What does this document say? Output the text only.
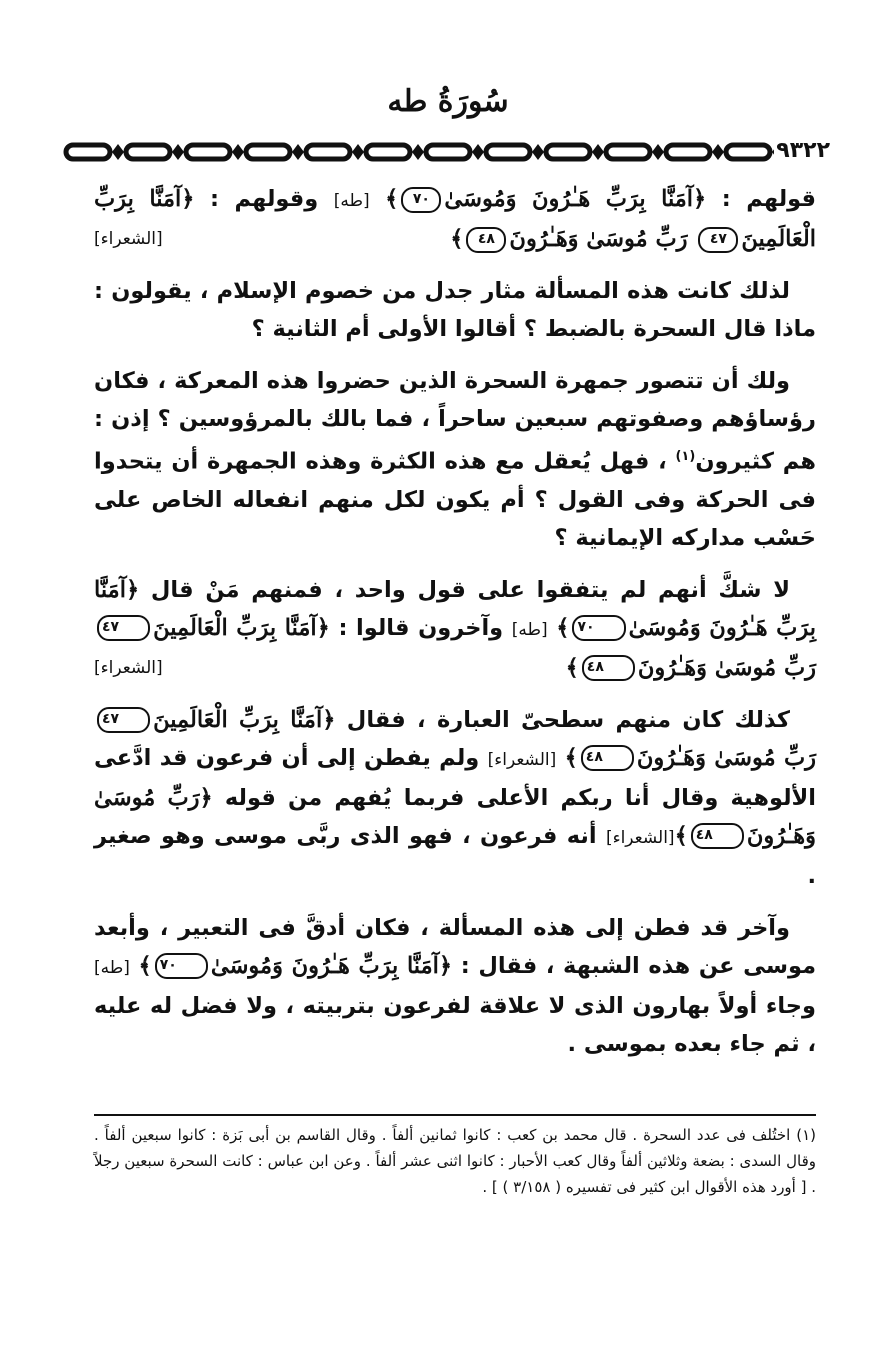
سُورَةُ طه
٩٣٢٢

قولهم : ﴿آمَنَّا بِرَبِّ هَـٰرُونَ وَمُوسَىٰ٧٠﴾ [طه] وقولهم : ﴿آمَنَّا بِرَبِّ الْعَالَمِينَ٤٧ رَبِّ مُوسَىٰ وَهَـٰرُونَ٤٨﴾
[الشعراء]

لذلك كانت هذه المسألة مثار جدل من خصوم الإسلام ، يقولون : ماذا قال السحرة بالضبط ؟ أقالوا الأولى أم الثانية ؟

ولك أن تتصور جمهرة السحرة الذين حضروا هذه المعركة ، فكان رؤساؤهم وصفوتهم سبعين ساحراً ، فما بالك بالمرؤوسين ؟ إذن : هم كثيرون$^{(١)}$ ، فهل يُعقل مع هذه الكثرة وهذه الجمهرة أن يتحدوا فى الحركة وفى القول ؟ أم يكون لكل منهم انفعاله الخاص على حَسْب مداركه الإيمانية ؟

لا شكَّ أنهم لم يتفقوا على قول واحد ، فمنهم مَنْ قال ﴿آمَنَّا بِرَبِّ هَـٰرُونَ وَمُوسَىٰ٧٠﴾ [طه] وآخرون قالوا : ﴿آمَنَّا بِرَبِّ الْعَالَمِينَ٤٧ رَبِّ مُوسَىٰ وَهَـٰرُونَ٤٨﴾
[الشعراء]

كذلك كان منهم سطحىّ العبارة ، فقال ﴿آمَنَّا بِرَبِّ الْعَالَمِينَ٤٧ رَبِّ مُوسَىٰ وَهَـٰرُونَ٤٨﴾ [الشعراء] ولم يفطن إلى أن فرعون قد ادَّعى الألوهية وقال أنا ربكم الأعلى فربما يُفهم من قوله ﴿رَبِّ مُوسَىٰ وَهَـٰرُونَ٤٨﴾[الشعراء] أنه فرعون ، فهو الذى ربَّى موسى وهو صغير .

وآخر قد فطن إلى هذه المسألة ، فكان أدقَّ فى التعبير ، وأبعد موسى عن هذه الشبهة ، فقال : ﴿آمَنَّا بِرَبِّ هَـٰرُونَ وَمُوسَىٰ٧٠﴾ [طه] وجاء أولاً بهارون الذى لا علاقة لفرعون بتربيته ، ولا فضل له عليه ، ثم جاء بعده بموسى .

(١) اختُلف فى عدد السحرة . قال محمد بن كعب : كانوا ثمانين ألفاً . وقال القاسم بن أبى بَزة : كانوا سبعين ألفاً . وقال السدى : بضعة وثلاثين ألفاً وقال كعب الأحبار : كانوا اثنى عشر ألفاً . وعن ابن عباس : كانت السحرة سبعين رجلاً . [ أورد هذه الأقوال ابن كثير فى تفسيره ( ٣/١٥٨ ) ] .
